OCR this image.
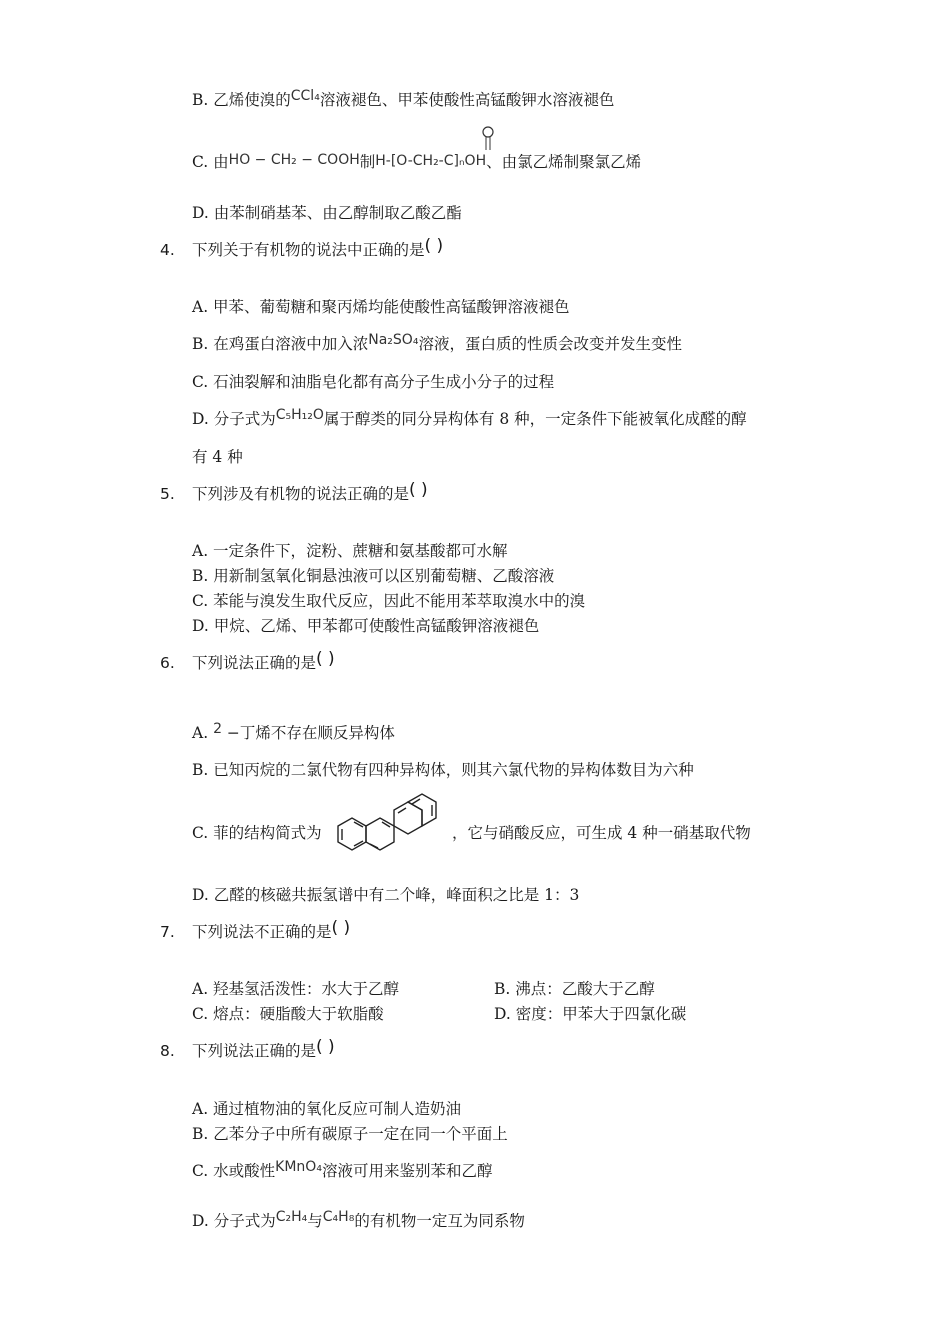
B. 乙烯使溴的CCl₄溶液褪色、甲苯使酸性高锰酸钾水溶液褪色
C. 由HO − CH₂ − COOH制H-[O-CH₂-C]ₙOH、由氯乙烯制聚氯乙烯
D. 由苯制硝基苯、由乙醇制取乙酸乙酯
4. 下列关于有机物的说法中正确的是( )
A. 甲苯、葡萄糖和聚丙烯均能使酸性高锰酸钾溶液褪色
B. 在鸡蛋白溶液中加入浓Na₂SO₄溶液，蛋白质的性质会改变并发生变性
C. 石油裂解和油脂皂化都有高分子生成小分子的过程
D. 分子式为C₅H₁₂O属于醇类的同分异构体有 8 种，一定条件下能被氧化成醛的醇
有 4 种
5. 下列涉及有机物的说法正确的是( )
A. 一定条件下，淀粉、蔗糖和氨基酸都可水解
B. 用新制氢氧化铜悬浊液可以区别葡萄糖、乙酸溶液
C. 苯能与溴发生取代反应，因此不能用苯萃取溴水中的溴
D. 甲烷、乙烯、甲苯都可使酸性高锰酸钾溶液褪色
6. 下列说法正确的是( )
A. 2 −丁烯不存在顺反异构体
B. 已知丙烷的二氯代物有四种异构体，则其六氯代物的异构体数目为六种
C. 菲的结构简式为	，它与硝酸反应，可生成 4 种一硝基取代物
D. 乙醛的核磁共振氢谱中有二个峰，峰面积之比是 1：3
7. 下列说法不正确的是( )
A. 羟基氢活泼性：水大于乙醇	B. 沸点：乙酸大于乙醇
C. 熔点：硬脂酸大于软脂酸	D. 密度：甲苯大于四氯化碳
8. 下列说法正确的是( )
A. 通过植物油的氧化反应可制人造奶油
B. 乙苯分子中所有碳原子一定在同一个平面上
C. 水或酸性KMnO₄溶液可用来鉴别苯和乙醇
D. 分子式为C₂H₄与C₄H₈的有机物一定互为同系物
